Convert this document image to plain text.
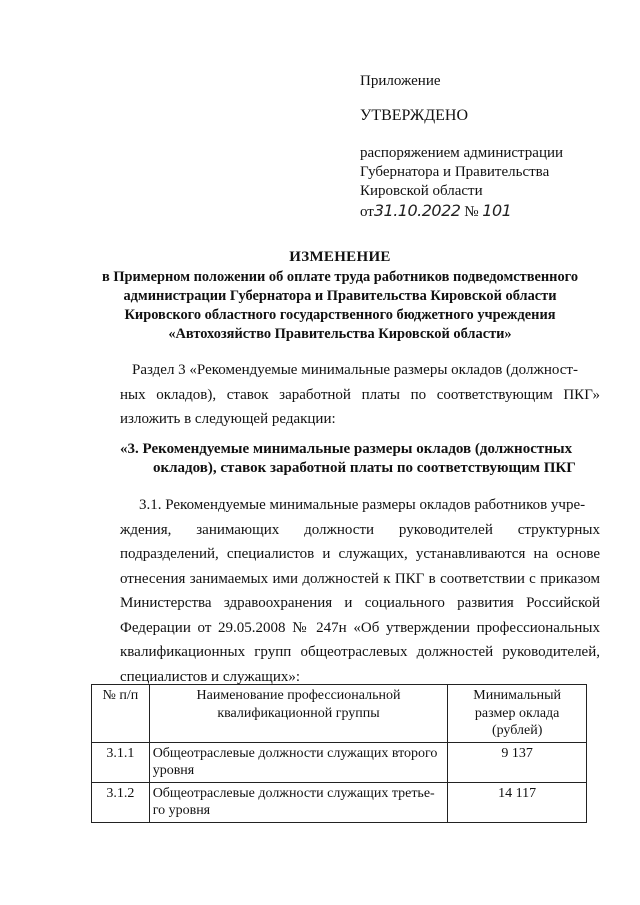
Приложение
УТВЕРЖДЕНО
распоряжением администрации
Губернатора и Правительства
Кировской области
от31.10.2022 № 101
ИЗМЕНЕНИЕ
в Примерном положении об оплате труда работников подведомственного
администрации Губернатора и Правительства Кировской области
Кировского областного государственного бюджетного учреждения
«Автохозяйство Правительства Кировской области»
Раздел 3 «Рекомендуемые минимальные размеры окладов (должност-
ных окладов), ставок заработной платы по соответствующим ПКГ» изложить в следующей редакции:
«3. Рекомендуемые минимальные размеры окладов (должностных
окладов), ставок заработной платы по соответствующим ПКГ
3.1. Рекомендуемые минимальные размеры окладов работников учре-
ждения, занимающих должности руководителей структурных подразделений, специалистов и служащих, устанавливаются на основе отнесения занимаемых ими должностей к ПКГ в соответствии с приказом Министерства здравоохранения и социального развития Российской Федерации от 29.05.2008 № 247н «Об утверждении профессиональных квалификационных групп общеотраслевых должностей руководителей, специалистов и служащих»:
№ п/п	Наименование профессиональной квалификационной группы	Минимальный размер оклада (рублей)
3.1.1	Общеотраслевые должности служащих второго уровня	9 137
3.1.2	Общеотраслевые должности служащих третье-го уровня	14 117
